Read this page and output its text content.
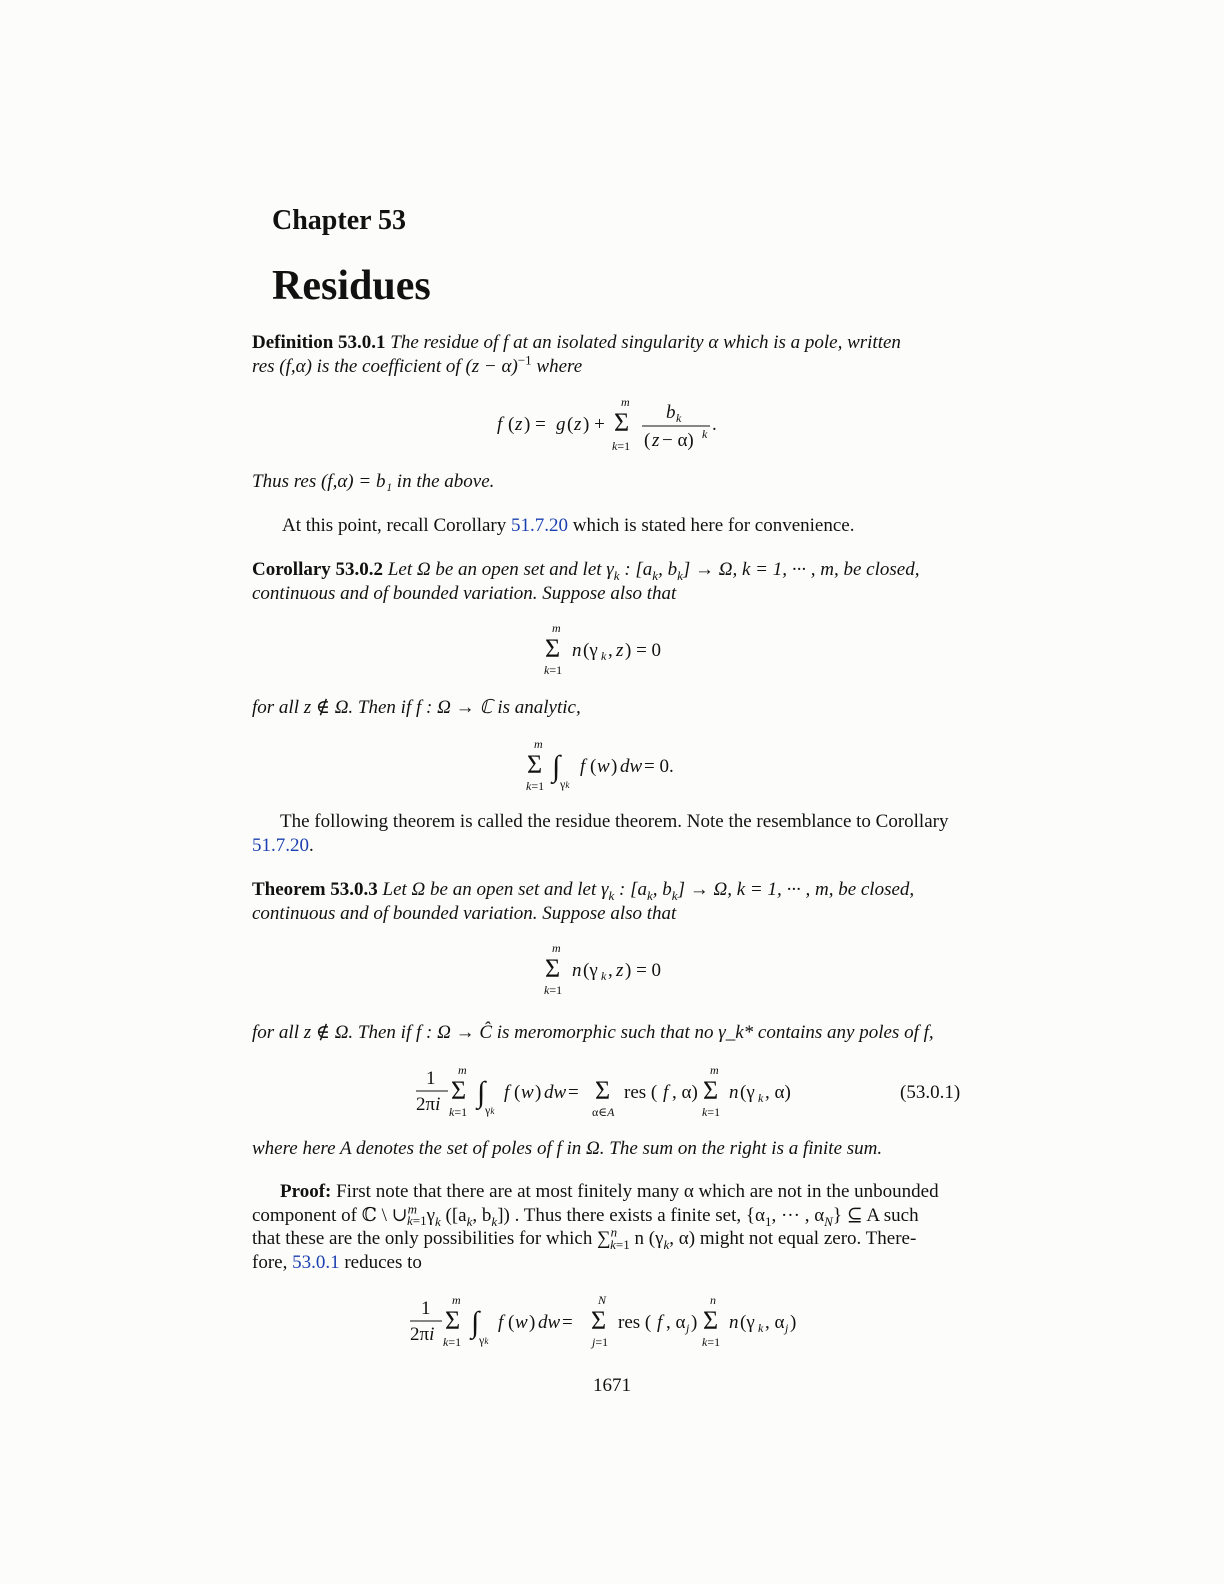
Chapter 53
Residues
Definition 53.0.1 The residue of f at an isolated singularity α which is a pole, written
res (f,α) is the coefficient of $(z - \alpha)^{-1}$ where
f ( z ) = g ( z ) +
m
Σ
k=1
b k
( z − α) k .
Thus res (f,α) = b₁ in the above.
At this point, recall Corollary 51.7.20 which is stated here for convenience.
Corollary 53.0.2 Let Ω be an open set and let $\gamma_k$ : [$a_k$, $b_k] \to \Omega$, k = 1, ··· , m, be closed,
continuous and of bounded variation. Suppose also that
m
Σ
k=1
n (γ k , z ) = 0
for all z ∉ Ω. Then if f : Ω → ℂ is analytic,
m
Σ
k=1
∫
γk
f ( w ) dw = 0.
The following theorem is called the residue theorem. Note the resemblance to Corollary
51.7.20.
Theorem 53.0.3 Let Ω be an open set and let $\gamma_k$ : [$a_k$, $b_k] \to \Omega$, k = 1, ··· , m, be closed,
continuous and of bounded variation. Suppose also that
m
Σ
k=1
n (γ k , z ) = 0
for all z ∉ Ω. Then if f : Ω → Ĉ is meromorphic such that no γ_k* contains any poles of f,
1
2πi
m
Σ
k=1
∫
γk
f ( w ) dw = Σ
α∈A
res ( f , α)
m
Σ
k=1
n (γ k , α)	(53.0.1)
where here A denotes the set of poles of f in Ω. The sum on the right is a finite sum.
Proof: First note that there are at most finitely many α which are not in the unbounded
component of ℂ \ $\cup^m_{k=1}\gamma_k$ ([$a_k$, $b_k$]) . Thus there exists a finite set, {$\alpha_1$, ··· , $\alpha_N$} ⊆ A such
that these are the only possibilities for which ∑$^n_{k=1}$ n ($\gamma_k$, α) might not equal zero. There-
fore, 53.0.1 reduces to
1
2πi
m
Σ
k=1
∫
γk
f ( w ) dw =
N
Σ
j=1
res ( f , α j )
n
Σ
k=1
n (γ k , α j )
1671
